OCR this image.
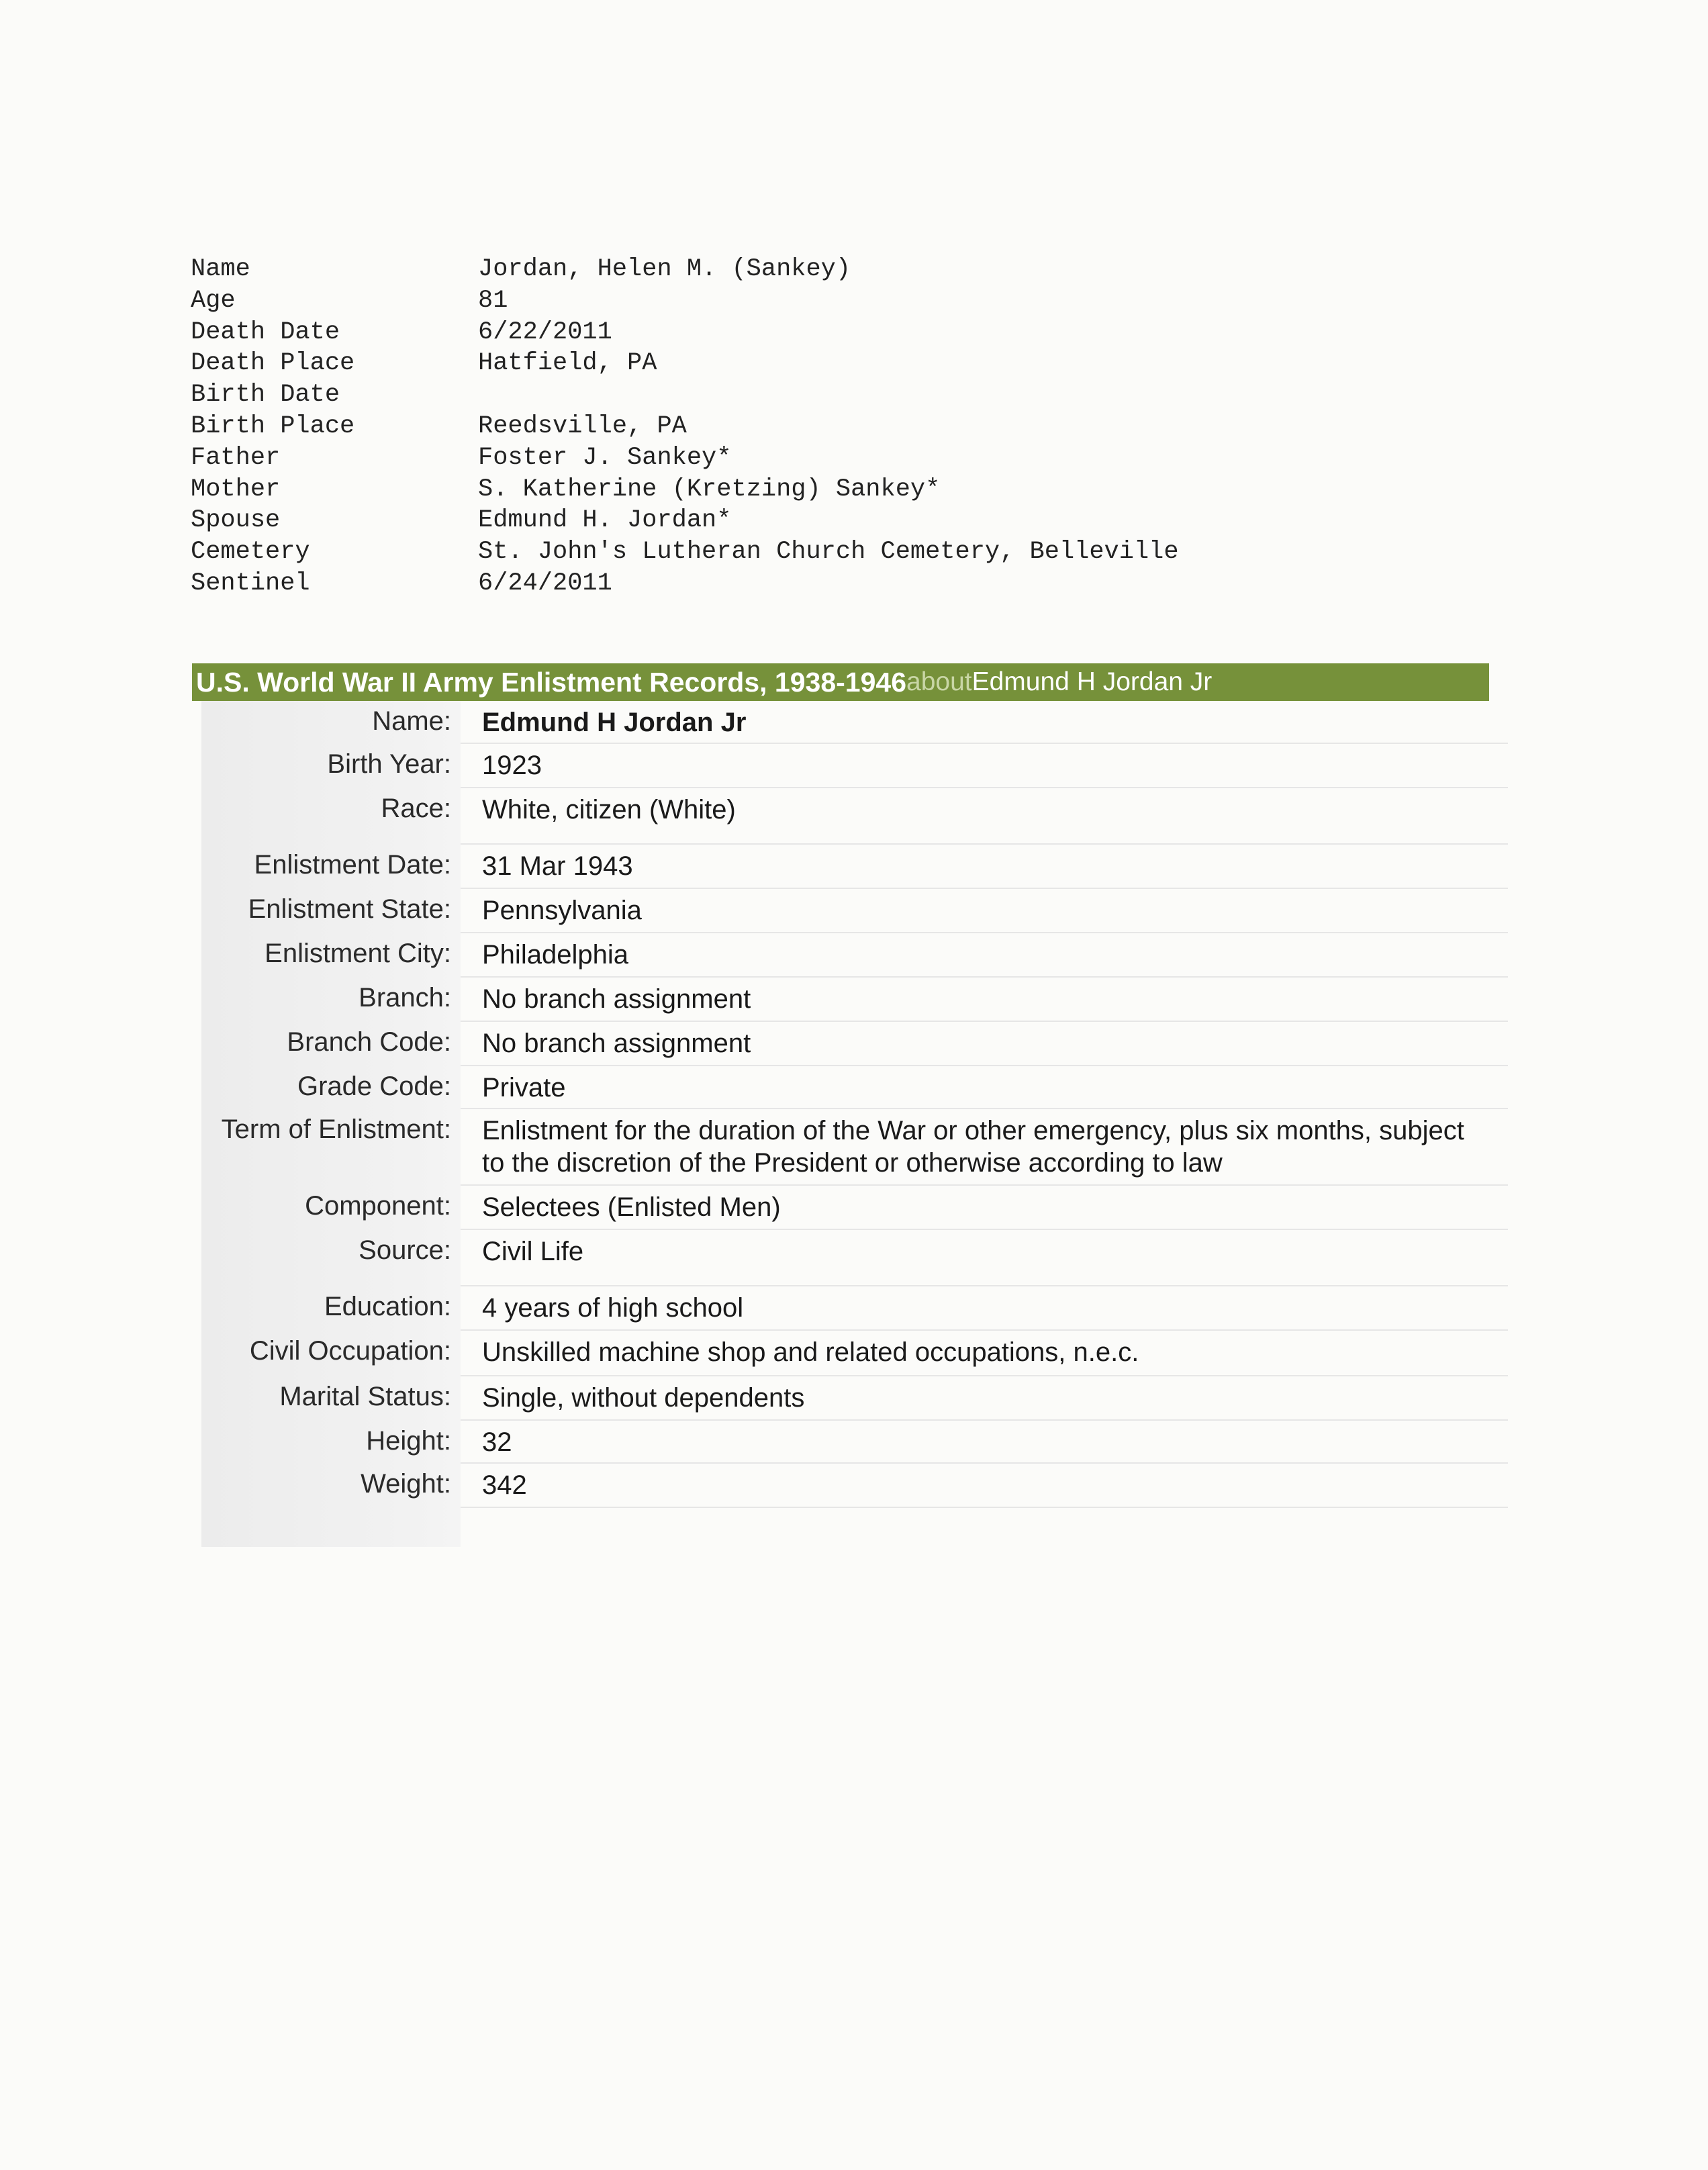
Name	Jordan, Helen M. (Sankey)
Age	81
Death Date	6/22/2011
Death Place	Hatfield, PA
Birth Date
Birth Place	Reedsville, PA
Father	Foster J. Sankey*
Mother	S. Katherine (Kretzing) Sankey*
Spouse	Edmund H. Jordan*
Cemetery	St. John's Lutheran Church Cemetery, Belleville
Sentinel	6/24/2011
U.S. World War II Army Enlistment Records, 1938-1946 about Edmund H Jordan Jr
Name: Edmund H Jordan Jr
Birth Year: 1923
Race: White, citizen (White)
Enlistment Date: 31 Mar 1943
Enlistment State: Pennsylvania
Enlistment City: Philadelphia
Branch: No branch assignment
Branch Code: No branch assignment
Grade Code: Private
Term of Enlistment: Enlistment for the duration of the War or other emergency, plus six months, subject to the discretion of the President or otherwise according to law
Component: Selectees (Enlisted Men)
Source: Civil Life
Education: 4 years of high school
Civil Occupation: Unskilled machine shop and related occupations, n.e.c.
Marital Status: Single, without dependents
Height: 32
Weight: 342
